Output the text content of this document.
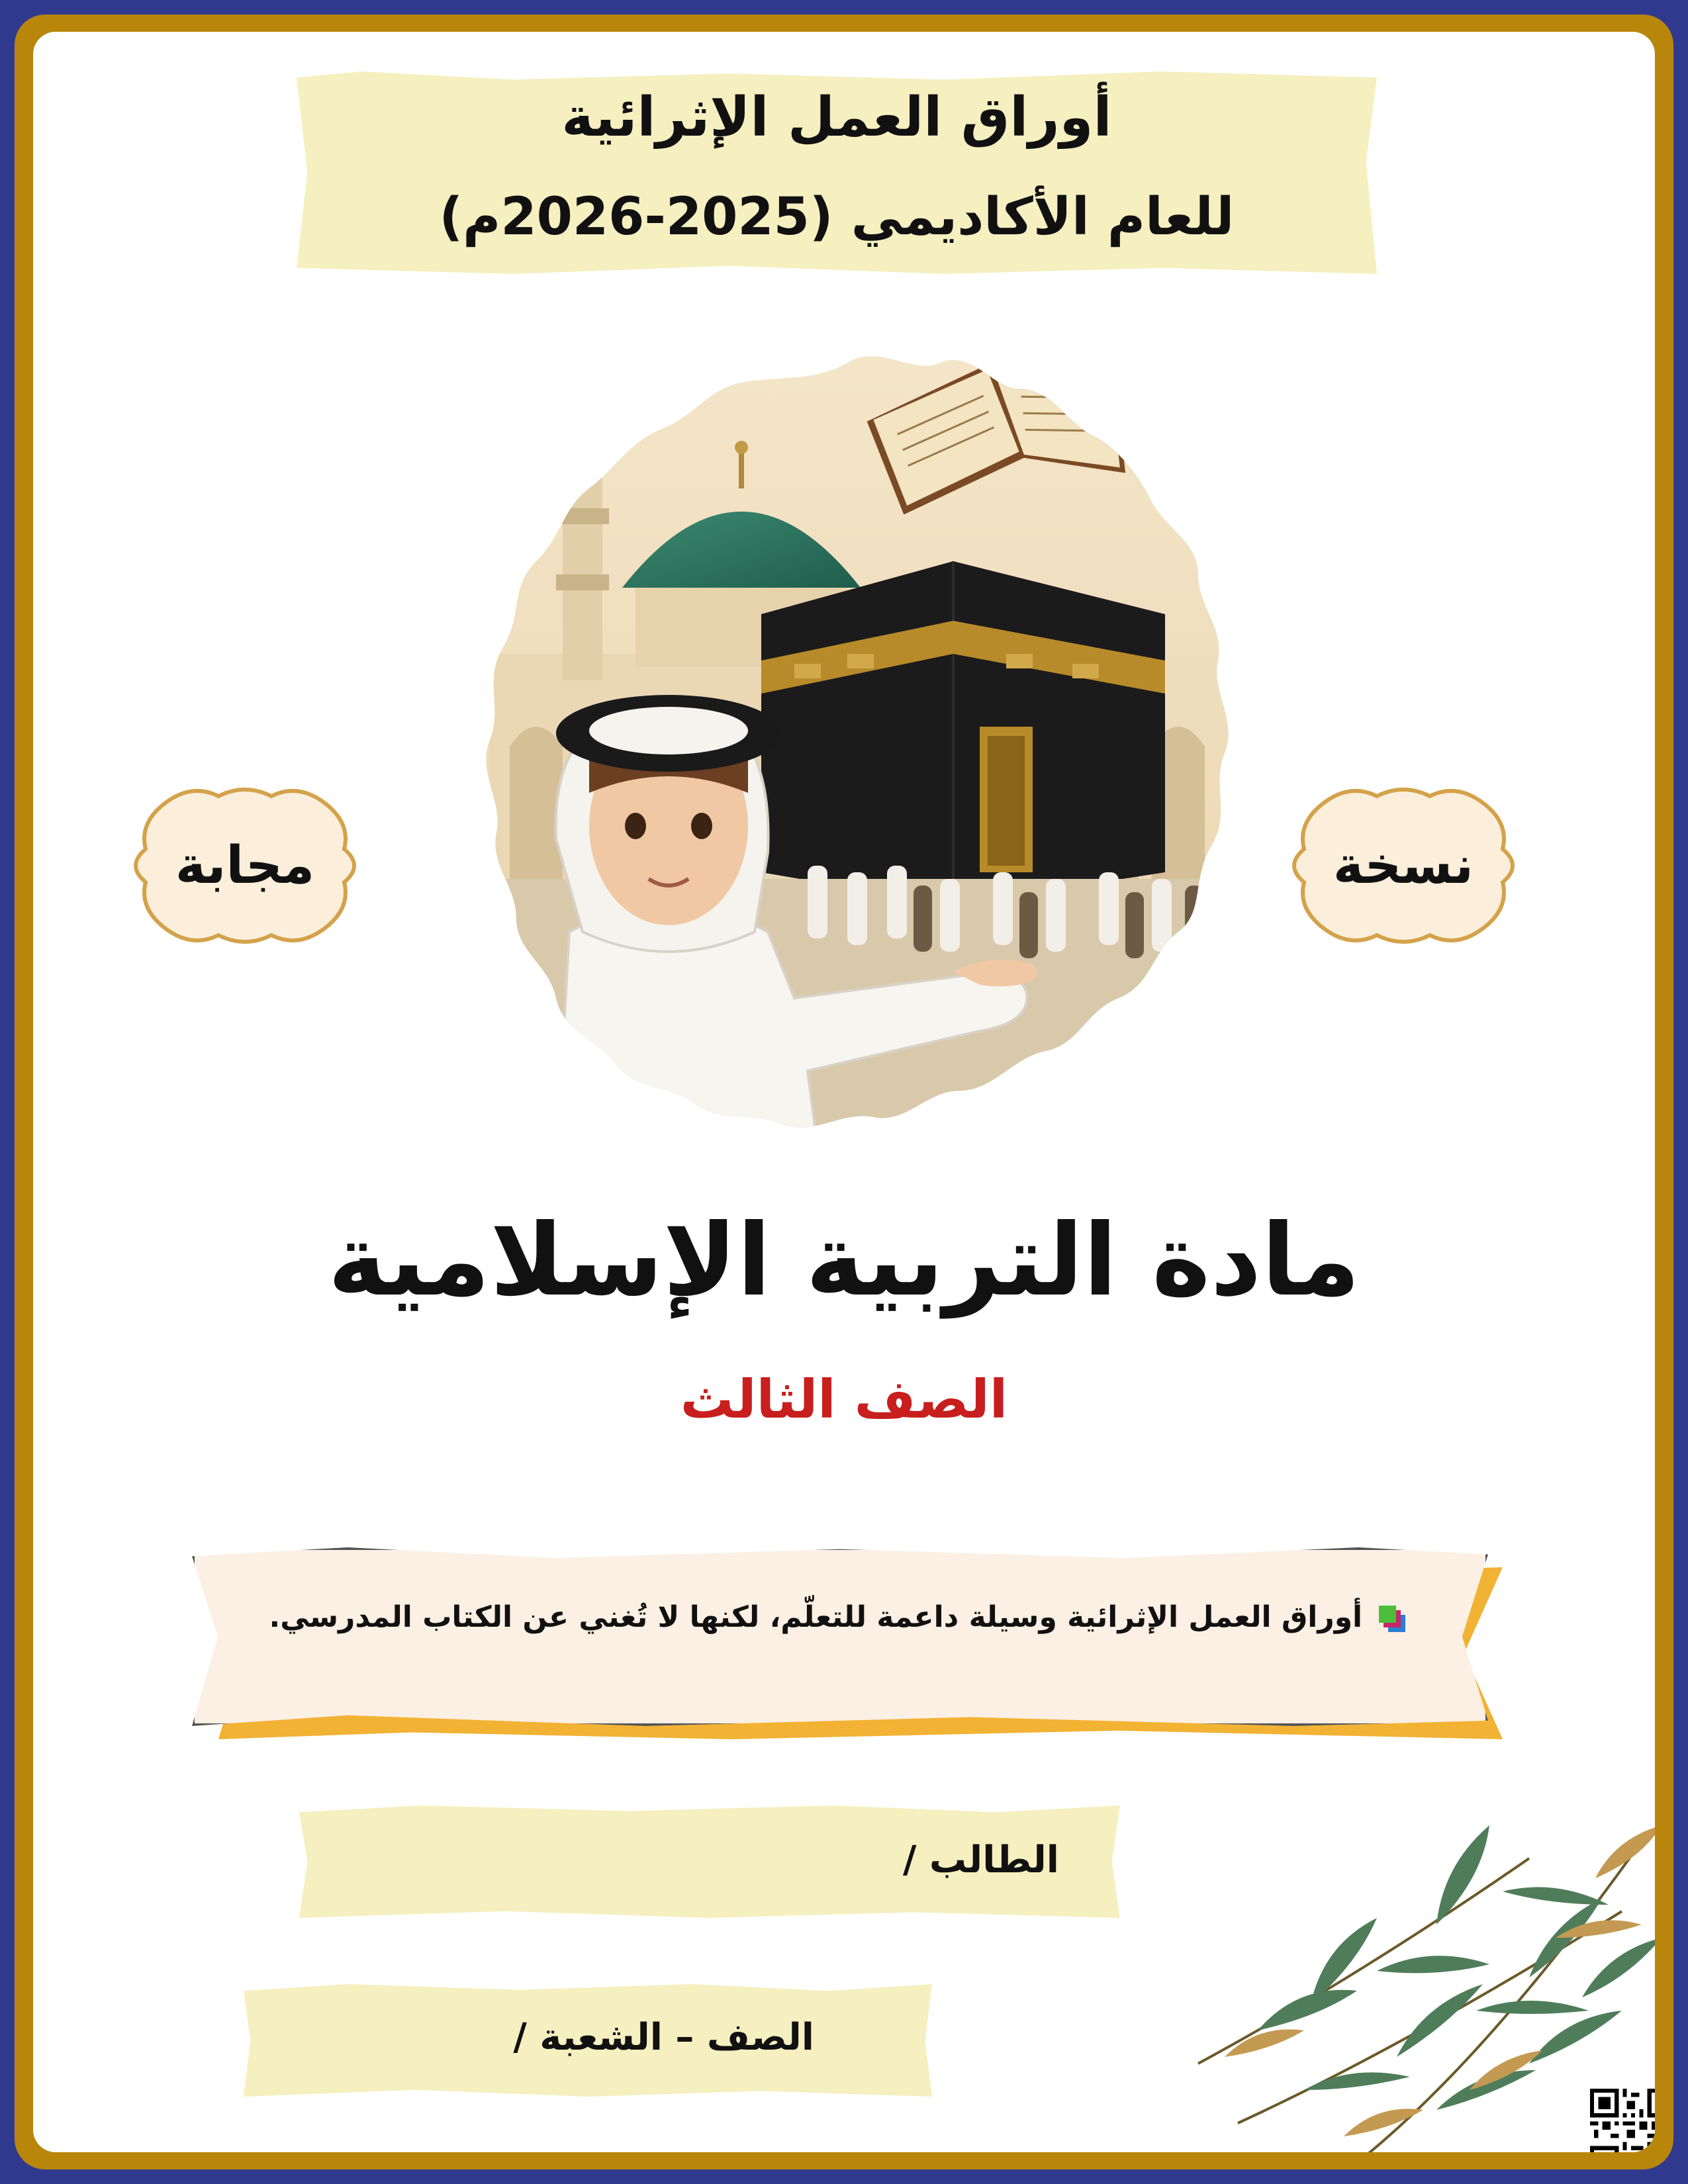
أوراق العمل الإثرائية
للعام الأكاديمي (2025-2026م)
مجابة	نسخة
مادة التربية الإسلامية
الصف الثالث
أوراق العمل الإثرائية وسيلة داعمة للتعلّم، لكنها لا تُغني عن الكتاب المدرسي.
الطالب /
الصف – الشعبة /
